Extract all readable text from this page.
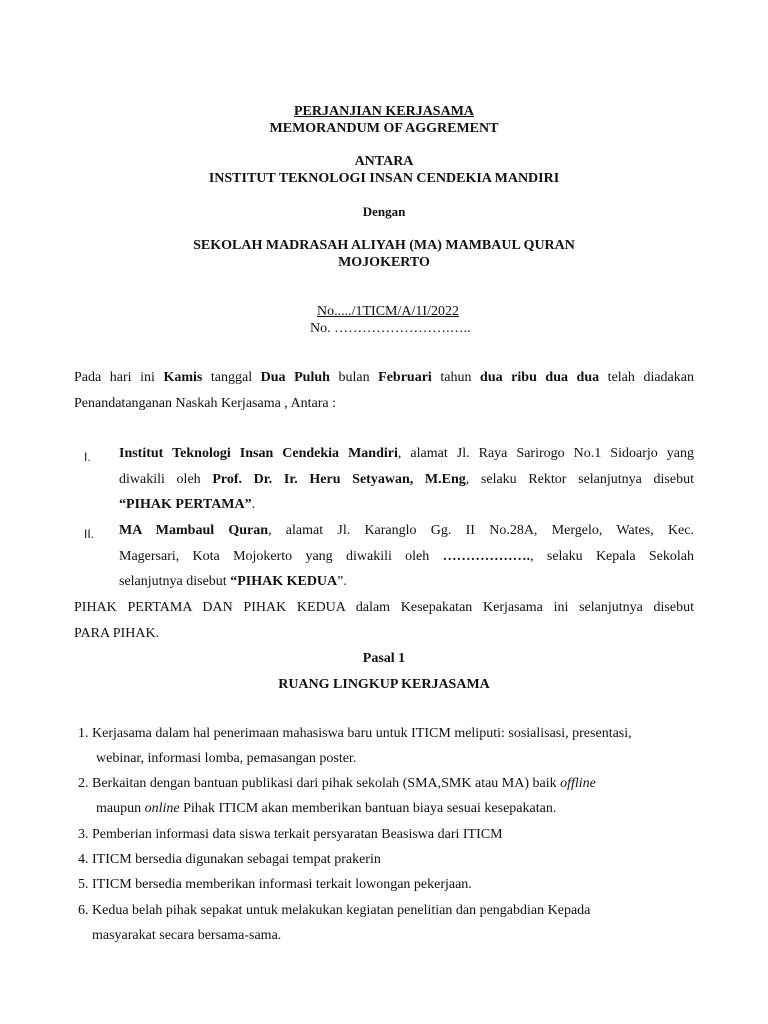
PERJANJIAN KERJASAMA
MEMORANDUM OF AGGREMENT
ANTARA
INSTITUT TEKNOLOGI INSAN CENDEKIA MANDIRI
Dengan
SEKOLAH MADRASAH ALIYAH (MA) MAMBAUL QURAN
MOJOKERTO
No...../1TICM/A/1I/2022
No. …………………….…..
Pada hari ini Kamis tanggal Dua Puluh bulan Februari tahun dua ribu dua dua telah diadakan
Penandatanganan Naskah Kerjasama , Antara :
I. Institut Teknologi Insan Cendekia Mandiri, alamat Jl. Raya Sarirogo No.1 Sidoarjo yang
diwakili oleh Prof. Dr. Ir. Heru Setyawan, M.Eng, selaku Rektor selanjutnya disebut
“PIHAK PERTAMA”.
II. MA Mambaul Quran, alamat Jl. Karanglo Gg. II No.28A, Mergelo, Wates, Kec.
Magersari, Kota Mojokerto yang diwakili oleh ………………., selaku Kepala Sekolah
selanjutnya disebut “PIHAK KEDUA”.
PIHAK PERTAMA DAN PIHAK KEDUA dalam Kesepakatan Kerjasama ini selanjutnya disebut
PARA PIHAK.
Pasal 1
RUANG LINGKUP KERJASAMA
1. Kerjasama dalam hal penerimaan mahasiswa baru untuk ITICM meliputi: sosialisasi, presentasi,
webinar, informasi lomba, pemasangan poster.
2. Berkaitan dengan bantuan publikasi dari pihak sekolah (SMA,SMK atau MA) baik offline
maupun online Pihak ITICM akan memberikan bantuan biaya sesuai kesepakatan.
3. Pemberian informasi data siswa terkait persyaratan Beasiswa dari ITICM
4. ITICM bersedia digunakan sebagai tempat prakerin
5. ITICM bersedia memberikan informasi terkait lowongan pekerjaan.
6. Kedua belah pihak sepakat untuk melakukan kegiatan penelitian dan pengabdian Kepada
masyarakat secara bersama-sama.
